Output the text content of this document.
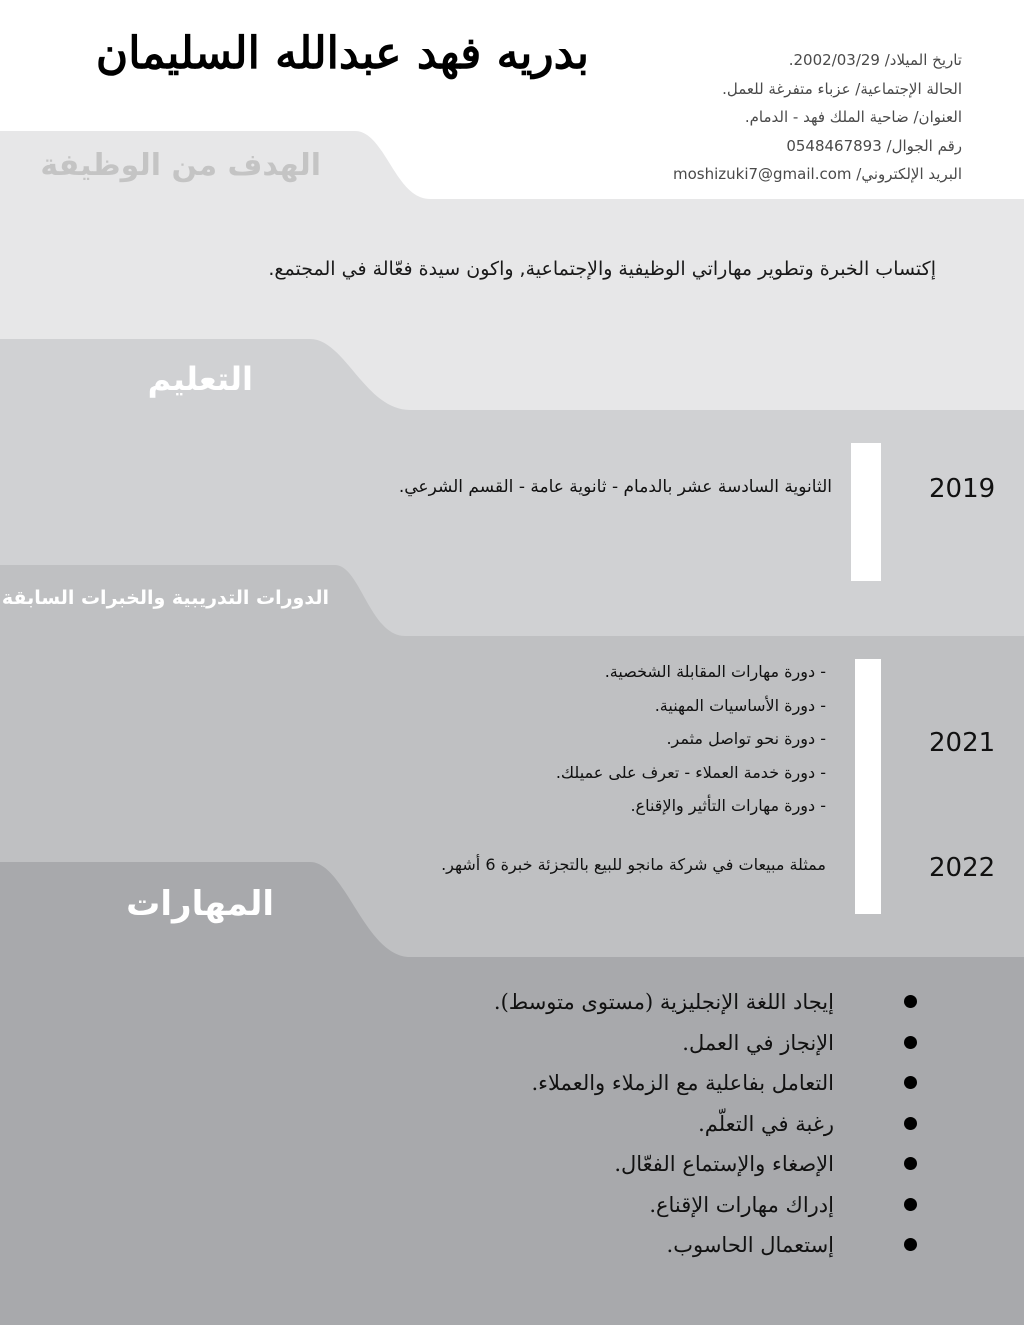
بدريه فهد عبدالله السليمان	تاريخ الميلاد/ 2002/03/29.
الحالة الإجتماعية/ عزباء متفرغة للعمل.
العنوان/ ضاحية الملك فهد - الدمام.
رقم الجوال/ 0548467893
البريد الإلكتروني/ moshizuki7@gmail.com
الهدف من الوظيفة
إكتساب الخبرة وتطوير مهاراتي الوظيفية والإجتماعية, واكون سيدة فعّالة في المجتمع.
التعليم
2019
الثانوية السادسة عشر بالدمام - ثانوية عامة - القسم الشرعي.
الدورات التدريبية والخبرات السابقة
2021
- دورة مهارات المقابلة الشخصية.
- دورة الأساسيات المهنية.
- دورة نحو تواصل مثمر.
- دورة خدمة العملاء - تعرف على عميلك.
- دورة مهارات التأثير والإقناع.
2022
ممثلة مبيعات في شركة مانجو للبيع بالتجزئة خبرة 6 أشهر.
المهارات
إيجاد اللغة الإنجليزية (مستوى متوسط).
الإنجاز في العمل.
التعامل بفاعلية مع الزملاء والعملاء.
رغبة في التعلّم.
الإصغاء والإستماع الفعّال.
إدراك مهارات الإقناع.
إستعمال الحاسوب.
